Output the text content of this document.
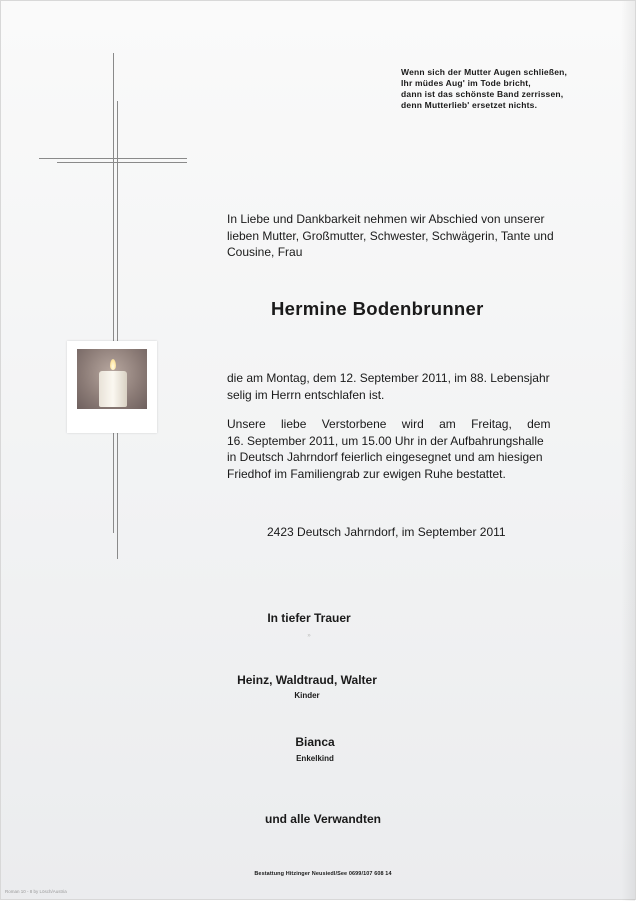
Wenn sich der Mutter Augen schließen,
Ihr müdes Aug' im Tode bricht,
dann ist das schönste Band zerrissen,
denn Mutterlieb' ersetzet nichts.
In Liebe und Dankbarkeit nehmen wir Abschied von unserer
lieben Mutter, Großmutter, Schwester, Schwägerin, Tante und
Cousine, Frau
Hermine Bodenbrunner
die am Montag, dem 12. September 2011, im 88. Lebensjahr
selig im Herrn entschlafen ist.
Unsere liebe Verstorbene wird am Freitag, dem
16. September 2011, um 15.00 Uhr in der Aufbahrungshalle
in Deutsch Jahrndorf feierlich eingesegnet und am hiesigen
Friedhof im Familiengrab zur ewigen Ruhe bestattet.
2423 Deutsch Jahrndorf, im September 2011
In tiefer Trauer
»
Heinz, Waldtraud, Walter
Kinder
Bianca
Enkelkind
und alle Verwandten
Bestattung Hitzinger Neusiedl/See 0699/107 608 14
Roman 10 - 8 by Lösch/Austria
